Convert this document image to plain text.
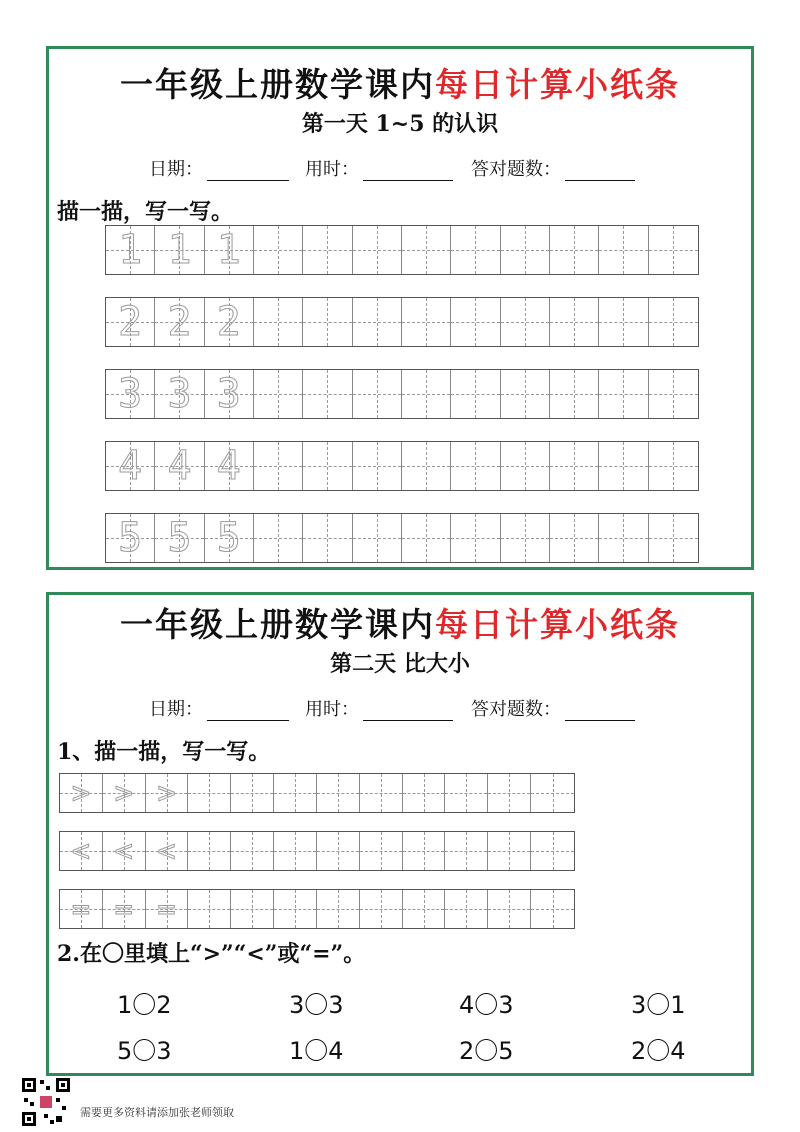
一年级上册数学课内每日计算小纸条
第一天 1~5 的认识
日期：	用时：	答对题数：
描一描，写一写。
1 1 1
2 2 2
3 3 3
4 4 4
5 5 5
一年级上册数学课内每日计算小纸条
第二天 比大小
日期：	用时：	答对题数：
1、描一描，写一写。
> > >
< < <
= = =
2.在〇里填上“>”“<”或“=”。
1〇2	3〇3	4〇3	3〇1
5〇3	1〇4	2〇5	2〇4
需要更多资料请添加张老师领取
